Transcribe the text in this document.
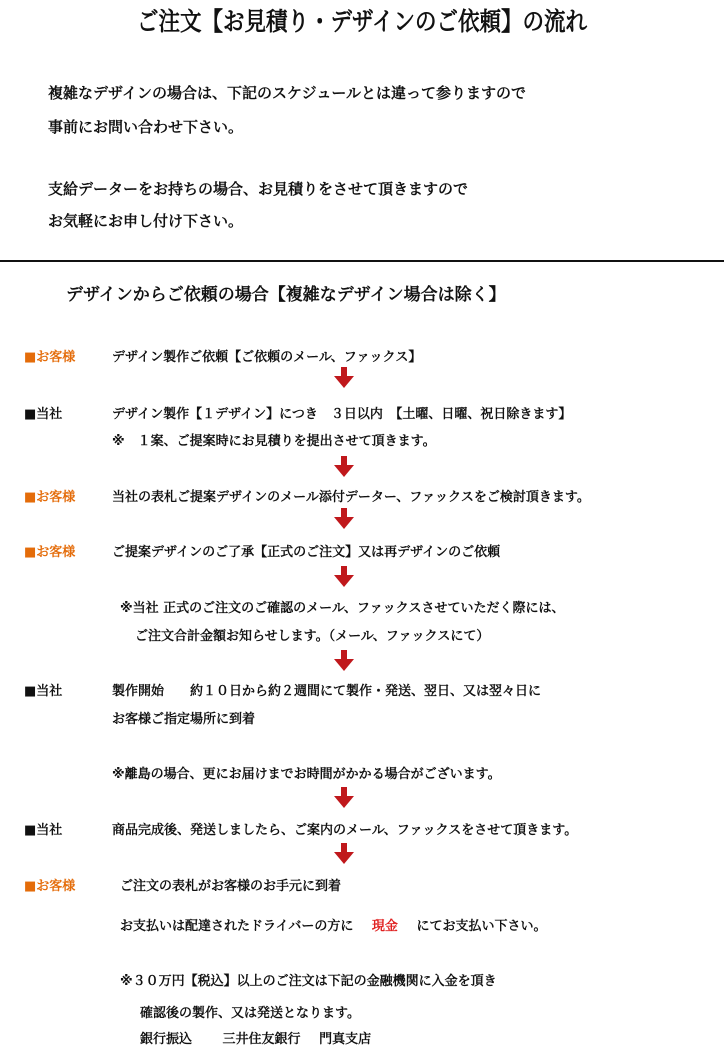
ご注文【お見積り・デザインのご依頼】の流れ
複雑なデザインの場合は、下記のスケジュールとは違って参りますので
事前にお問い合わせ下さい。
支給データーをお持ちの場合、お見積りをさせて頂きますので
お気軽にお申し付け下さい。
デザインからご依頼の場合【複雑なデザイン場合は除く】
■お客様	デザイン製作ご依頼【ご依頼のメール、ファックス】
■当社	デザイン製作【１デザイン】につき　３日以内　【土曜、日曜、祝日除きます】
※　１案、ご提案時にお見積りを提出させて頂きます。
■お客様	当社の表札ご提案デザインのメール添付データー、ファックスをご検討頂きます。
■お客様	ご提案デザインのご了承【正式のご注文】又は再デザインのご依頼
※当社 正式のご注文のご確認のメール、ファックスさせていただく際には、
ご注文合計金額お知らせします。（メール、ファックスにて）
■当社	製作開始　　約１０日から約２週間にて製作・発送、翌日、又は翌々日に
お客様ご指定場所に到着
※離島の場合、更にお届けまでお時間がかかる場合がございます。
■当社	商品完成後、発送しましたら、ご案内のメール、ファックスをさせて頂きます。
■お客様	ご注文の表札がお客様のお手元に到着
お支払いは配達されたドライバーの方に 現金 にてお支払い下さい。
※３０万円【税込】以上のご注文は下記の金融機関に入金を頂き
確認後の製作、又は発送となります。
銀行振込 三井住友銀行 門真支店
